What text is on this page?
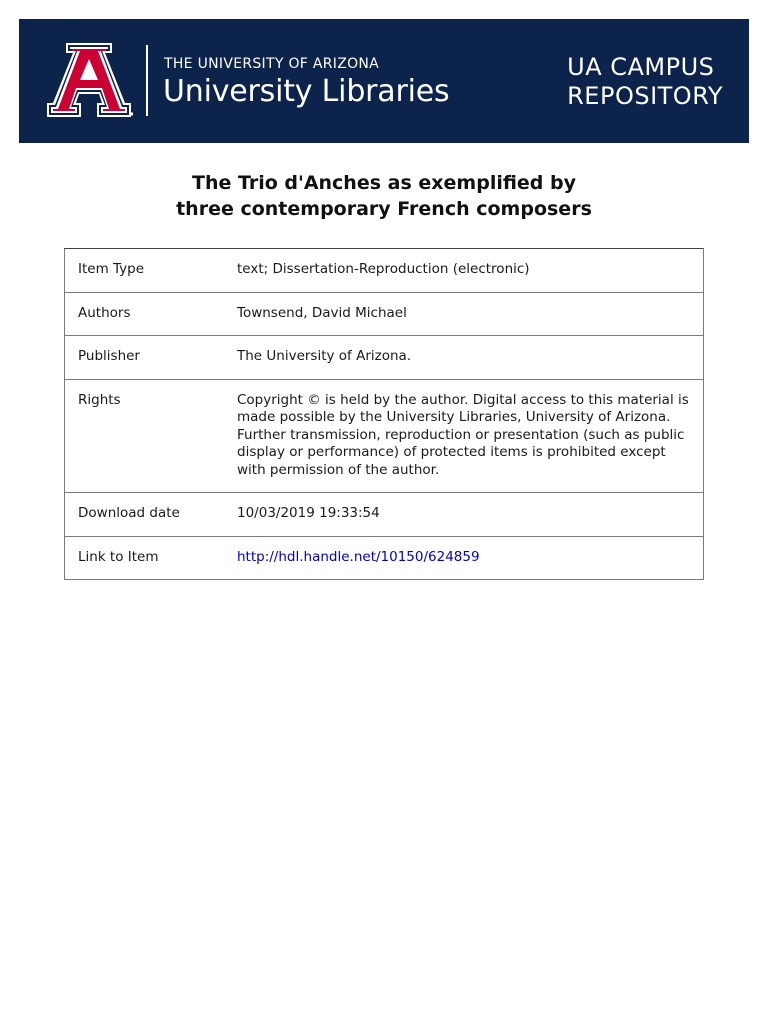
THE UNIVERSITY OF ARIZONA
University Libraries
UA CAMPUS
REPOSITORY
The Trio d'Anches as exemplified by
three contemporary French composers
Item Type	text; Dissertation-Reproduction (electronic)
Authors	Townsend, David Michael
Publisher	The University of Arizona.
Rights	Copyright © is held by the author. Digital access to this material is made possible by the University Libraries, University of Arizona. Further transmission, reproduction or presentation (such as public display or performance) of protected items is prohibited except with permission of the author.
Download date	10/03/2019 19:33:54
Link to Item	http://hdl.handle.net/10150/624859
